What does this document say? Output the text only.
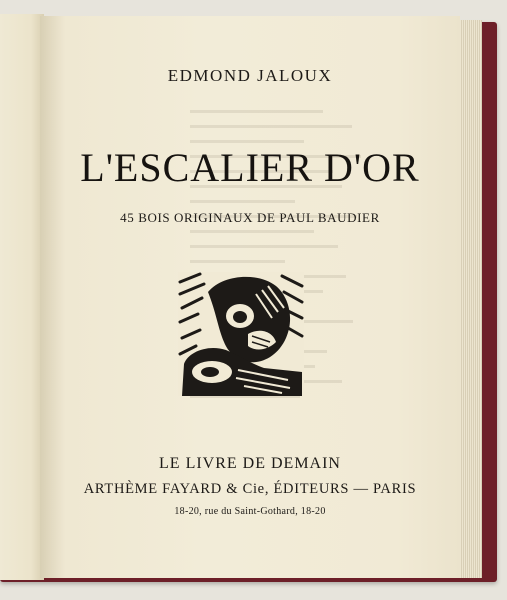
EDMOND JALOUX

L'ESCALIER D'OR

45 BOIS ORIGINAUX DE PAUL BAUDIER

LE LIVRE DE DEMAIN

ARTHÈME FAYARD & Cie, ÉDITEURS — PARIS

18-20, rue du Saint-Gothard, 18-20
